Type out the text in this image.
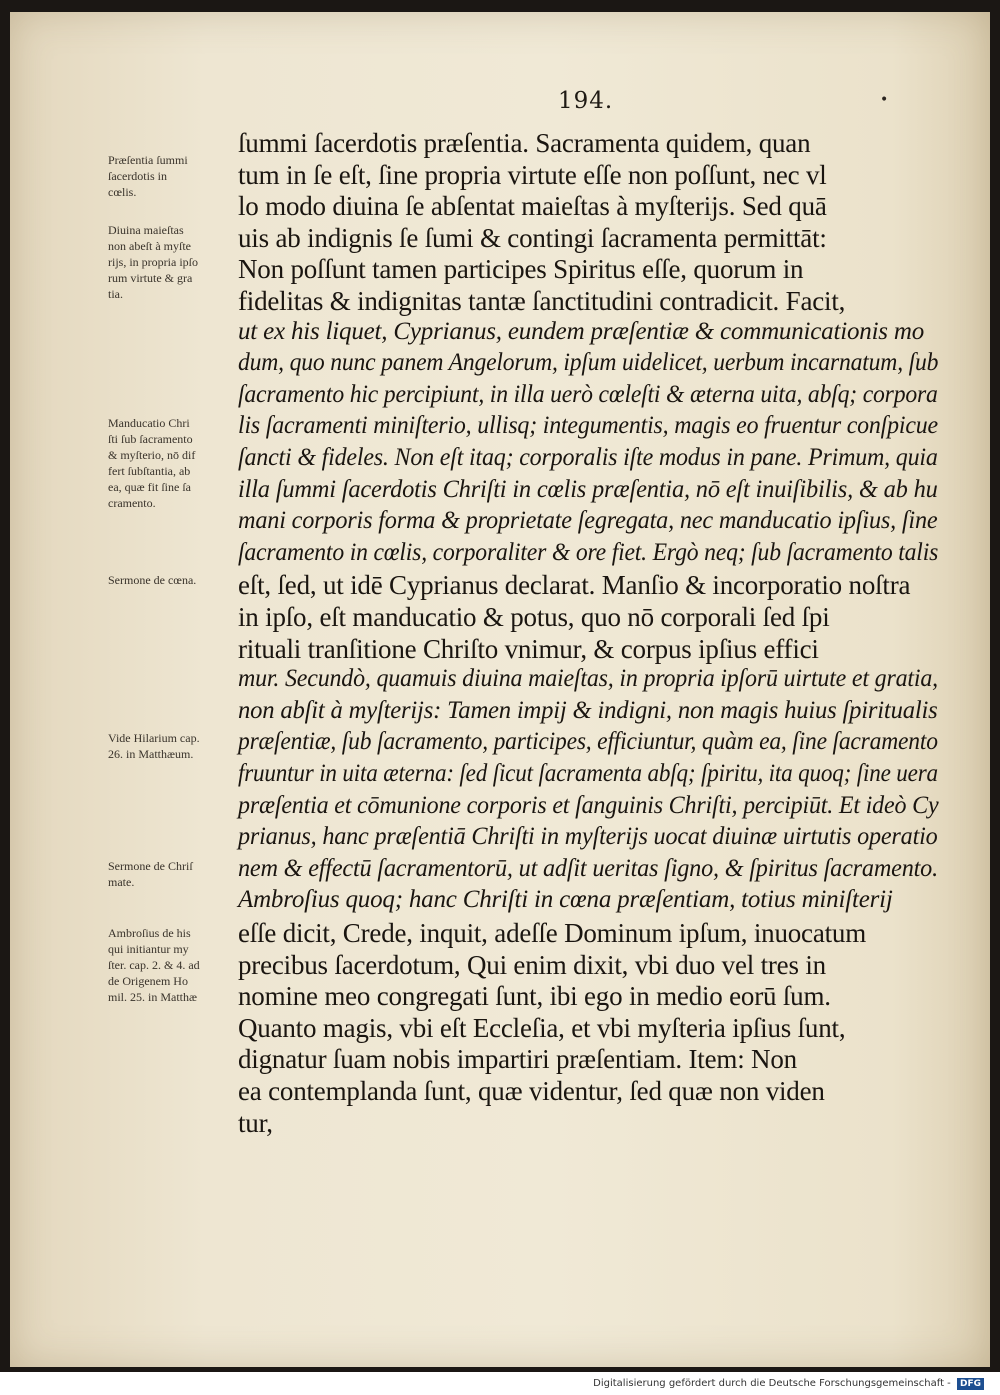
194.	•
Præſentia ſummi
ſacerdotis in
cœlis.
Diuina maieſtas
non abeſt à myſte
rijs, in propria ipſo
rum virtute & gra
tia.
Manducatio Chri
ſti ſub ſacramento
& myſterio, nō dif
fert ſubſtantia, ab
ea, quæ fit ſine ſa
cramento.
Sermone de cœna.
Vide Hilarium cap.
26. in Matthæum.
Sermone de Chriſ
mate.
Ambroſius de his
qui initiantur my
ſter. cap. 2. & 4. ad
de Origenem Ho
mil. 25. in Matthæ
ſummi ſacerdotis præſentia. Sacramenta quidem, quan
tum in ſe eſt, ſine propria virtute eſſe non poſſunt, nec vl
lo modo diuina ſe abſentat maieſtas à myſterijs. Sed quā
uis ab indignis ſe ſumi & contingi ſacramenta permittāt:
Non poſſunt tamen participes Spiritus eſſe, quorum in
fidelitas & indignitas tantæ ſanctitudini contradicit. Facit,
ut ex his liquet, Cyprianus, eundem præſentiæ & communicationis mo
dum, quo nunc panem Angelorum, ipſum uidelicet, uerbum incarnatum, ſub
ſacramento hic percipiunt, in illa uerò cœleſti & æterna uita, abſq; corpora
lis ſacramenti miniſterio, ullisq; integumentis, magis eo fruentur conſpicue
ſancti & fideles. Non eſt itaq; corporalis iſte modus in pane. Primum, quia
illa ſummi ſacerdotis Chriſti in cœlis præſentia, nō eſt inuiſibilis, & ab hu
mani corporis forma & proprietate ſegregata, nec manducatio ipſius, ſine
ſacramento in cœlis, corporaliter & ore fiet. Ergò neq; ſub ſacramento talis
eſt, ſed, ut idē Cyprianus declarat. Manſio & incorporatio noſtra
in ipſo, eſt manducatio & potus, quo nō corporali ſed ſpi
rituali tranſitione Chriſto vnimur, & corpus ipſius effici
mur. Secundò, quamuis diuina maieſtas, in propria ipſorū uirtute et gratia,
non abſit à myſterijs: Tamen impij & indigni, non magis huius ſpiritualis
præſentiæ, ſub ſacramento, participes, efficiuntur, quàm ea, ſine ſacramento
fruuntur in uita æterna: ſed ſicut ſacramenta abſq; ſpiritu, ita quoq; ſine uera
præſentia et cōmunione corporis et ſanguinis Chriſti, percipiūt. Et ideò Cy
prianus, hanc præſentiā Chriſti in myſterijs uocat diuinæ uirtutis operatio
nem & effectū ſacramentorū, ut adſit ueritas ſigno, & ſpiritus ſacramento.
Ambroſius quoq; hanc Chriſti in cœna præſentiam, totius miniſterij
eſſe dicit, Crede, inquit, adeſſe Dominum ipſum, inuocatum
precibus ſacerdotum, Qui enim dixit, vbi duo vel tres in
nomine meo congregati ſunt, ibi ego in medio eorū ſum.
Quanto magis, vbi eſt Eccleſia, et vbi myſteria ipſius ſunt,
dignatur ſuam nobis impartiri præſentiam. Item: Non
ea contemplanda ſunt, quæ videntur, ſed quæ non viden
tur,
Digitalisierung gefördert durch die Deutsche Forschungsgemeinschaft - DFG
